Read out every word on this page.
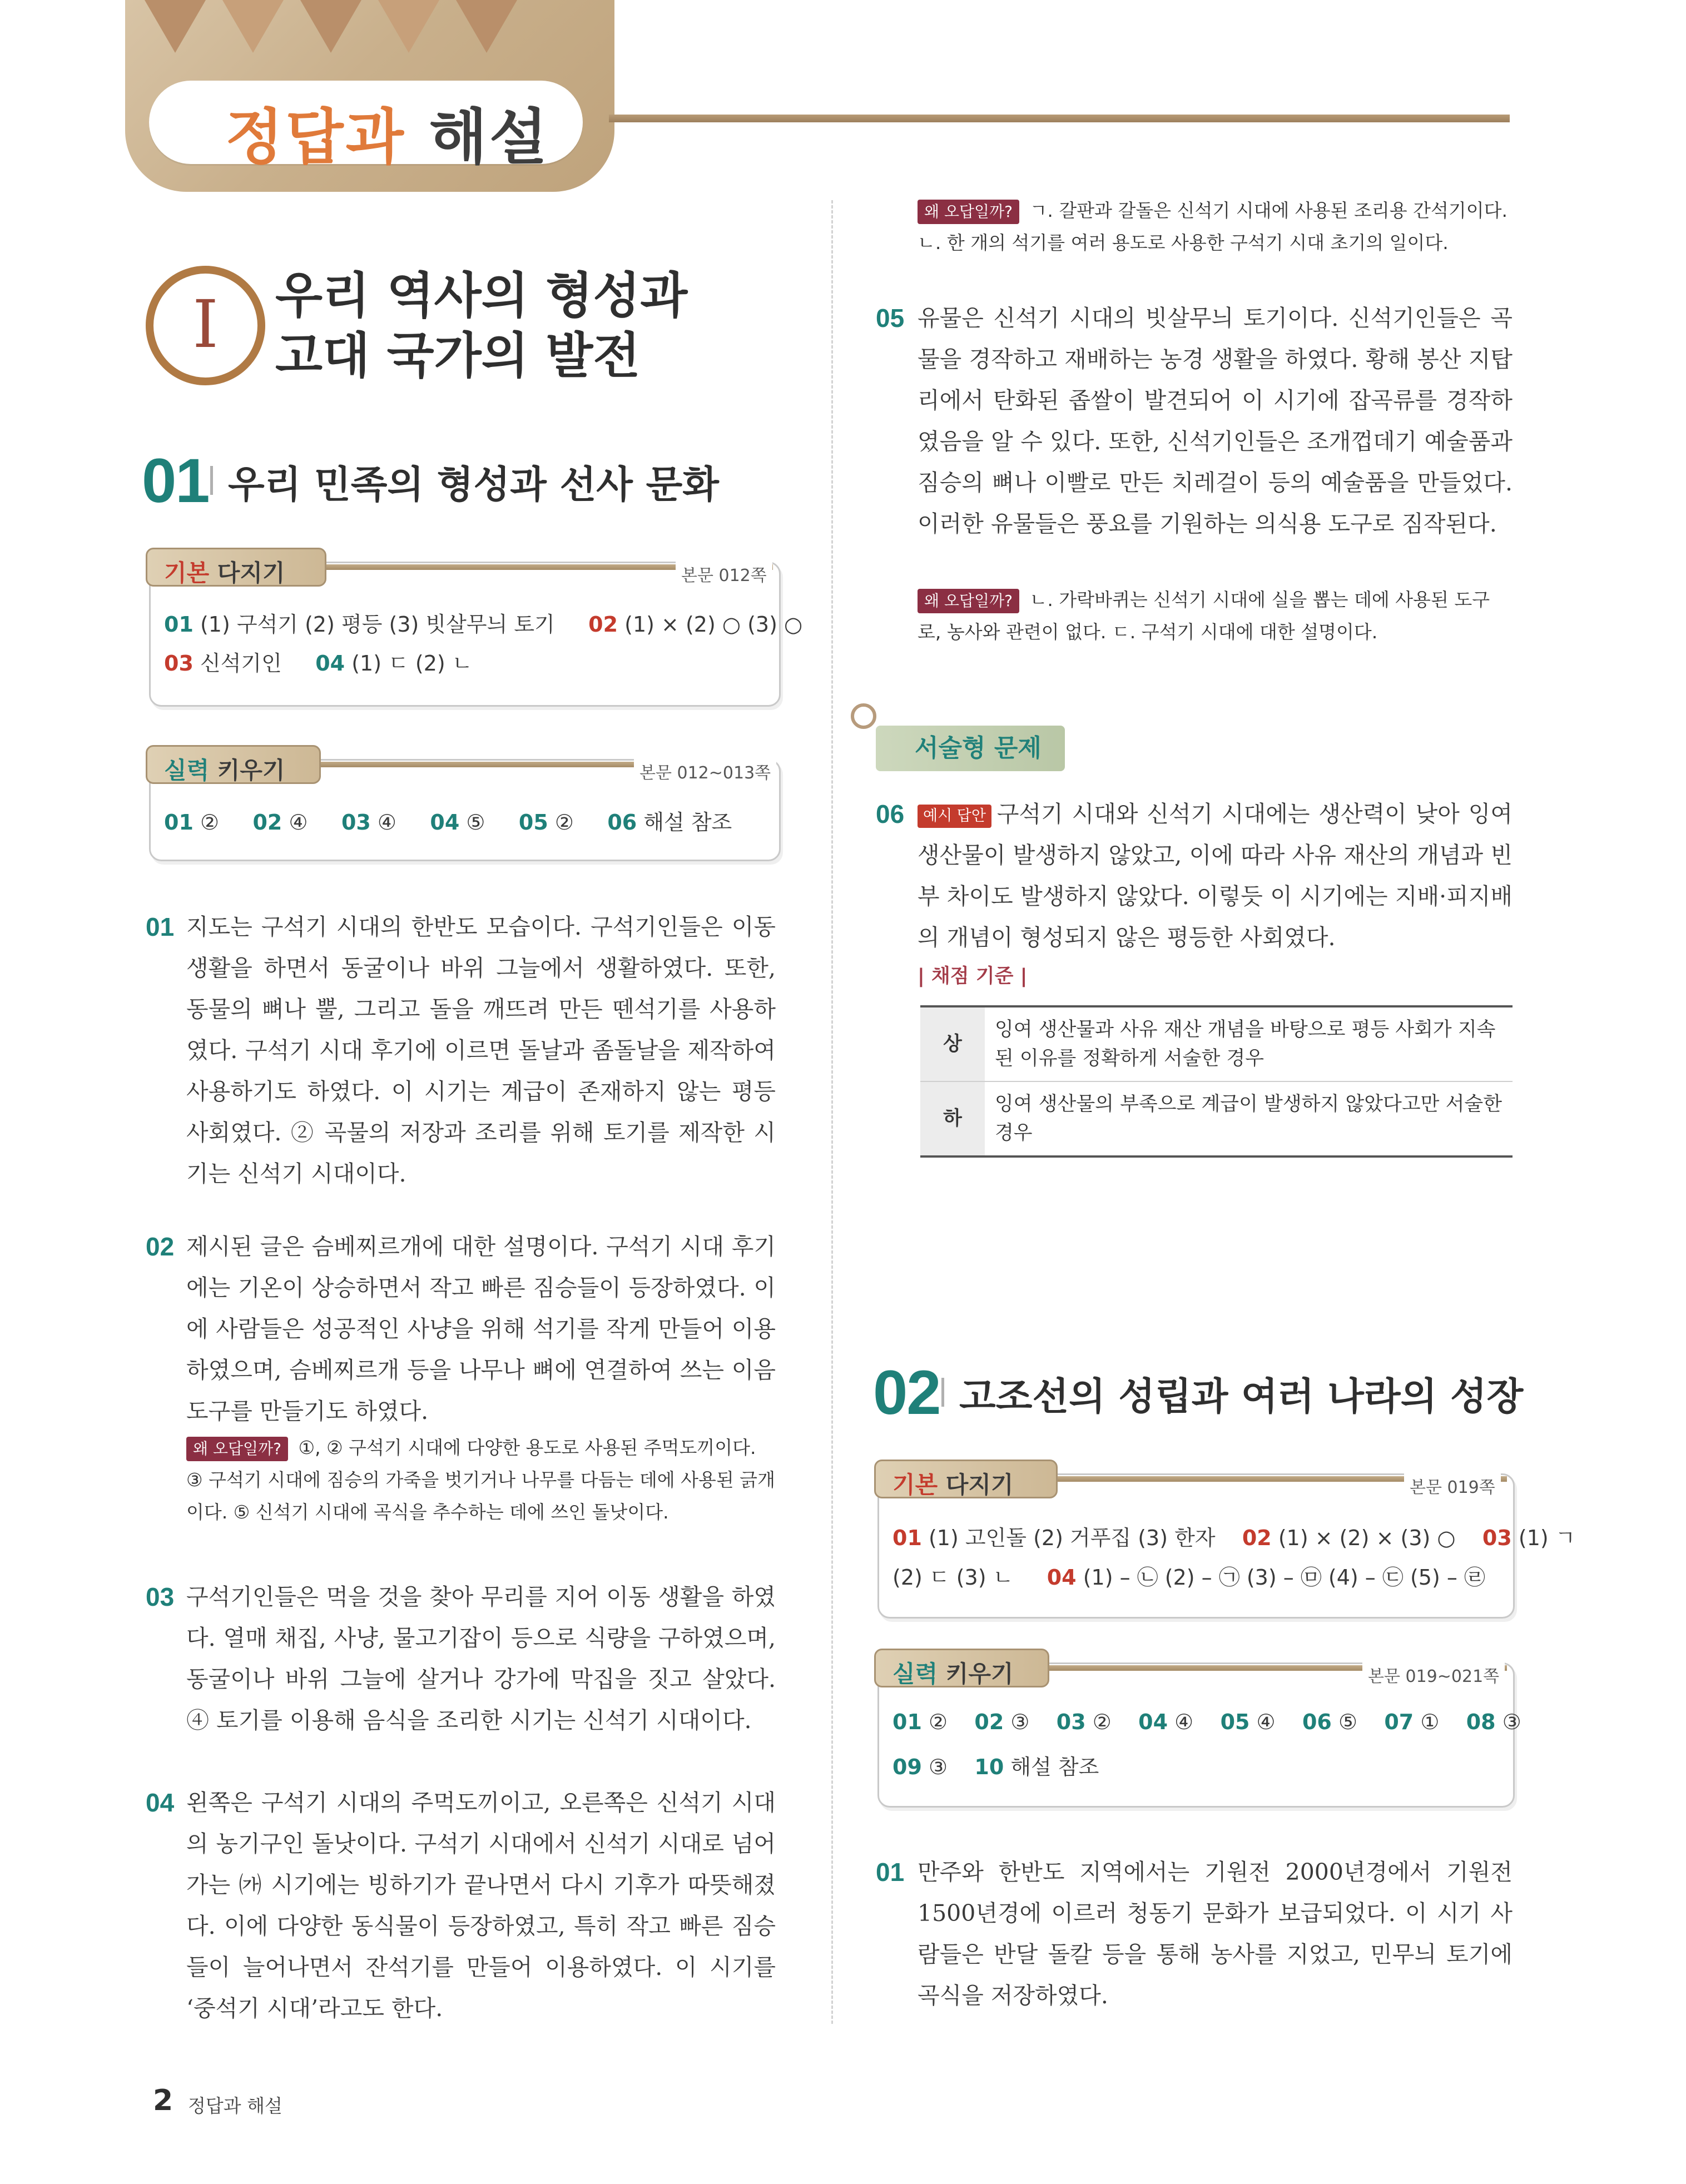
정답과 해설
I	우리 역사의 형성과
고대 국가의 발전
01 우리 민족의 형성과 선사 문화
기본 다지기	본문 012쪽
01 (1) 구석기 (2) 평등 (3) 빗살무늬 토기 02 (1) × (2) ○ (3) ○
03 신석기인 04 (1) ㄷ (2) ㄴ
실력 키우기	본문 012~013쪽
01 ② 02 ④ 03 ④ 04 ⑤ 05 ② 06 해설 참조
01 지도는 구석기 시대의 한반도 모습이다. 구석기인들은 이동 생활을 하면서 동굴이나 바위 그늘에서 생활하였다. 또한, 동물의 뼈나 뿔, 그리고 돌을 깨뜨려 만든 뗀석기를 사용하였다. 구석기 시대 후기에 이르면 돌날과 좀돌날을 제작하여 사용하기도 하였다. 이 시기는 계급이 존재하지 않는 평등 사회였다. ② 곡물의 저장과 조리를 위해 토기를 제작한 시기는 신석기 시대이다.
02 제시된 글은 슴베찌르개에 대한 설명이다. 구석기 시대 후기에는 기온이 상승하면서 작고 빠른 짐승들이 등장하였다. 이에 사람들은 성공적인 사냥을 위해 석기를 작게 만들어 이용하였으며, 슴베찌르개 등을 나무나 뼈에 연결하여 쓰는 이음 도구를 만들기도 하였다.
왜 오답일까? ①, ② 구석기 시대에 다양한 용도로 사용된 주먹도끼이다. ③ 구석기 시대에 짐승의 가죽을 벗기거나 나무를 다듬는 데에 사용된 긁개이다. ⑤ 신석기 시대에 곡식을 추수하는 데에 쓰인 돌낫이다.
03 구석기인들은 먹을 것을 찾아 무리를 지어 이동 생활을 하였다. 열매 채집, 사냥, 물고기잡이 등으로 식량을 구하였으며, 동굴이나 바위 그늘에 살거나 강가에 막집을 짓고 살았다. ④ 토기를 이용해 음식을 조리한 시기는 신석기 시대이다.
04 왼쪽은 구석기 시대의 주먹도끼이고, 오른쪽은 신석기 시대의 농기구인 돌낫이다. 구석기 시대에서 신석기 시대로 넘어가는 ㈎ 시기에는 빙하기가 끝나면서 다시 기후가 따뜻해졌다. 이에 다양한 동식물이 등장하였고, 특히 작고 빠른 짐승들이 늘어나면서 잔석기를 만들어 이용하였다. 이 시기를 ‘중석기 시대’라고도 한다.
왜 오답일까? ㄱ. 갈판과 갈돌은 신석기 시대에 사용된 조리용 간석기이다. ㄴ. 한 개의 석기를 여러 용도로 사용한 구석기 시대 초기의 일이다.
05 유물은 신석기 시대의 빗살무늬 토기이다. 신석기인들은 곡물을 경작하고 재배하는 농경 생활을 하였다. 황해 봉산 지탑리에서 탄화된 좁쌀이 발견되어 이 시기에 잡곡류를 경작하였음을 알 수 있다. 또한, 신석기인들은 조개껍데기 예술품과 짐승의 뼈나 이빨로 만든 치레걸이 등의 예술품을 만들었다. 이러한 유물들은 풍요를 기원하는 의식용 도구로 짐작된다.
왜 오답일까? ㄴ. 가락바퀴는 신석기 시대에 실을 뽑는 데에 사용된 도구로, 농사와 관련이 없다. ㄷ. 구석기 시대에 대한 설명이다.
서술형 문제
06	예시 답안 구석기 시대와 신석기 시대에는 생산력이 낮아 잉여 생산물이 발생하지 않았고, 이에 따라 사유 재산의 개념과 빈부 차이도 발생하지 않았다. 이렇듯 이 시기에는 지배·피지배의 개념이 형성되지 않은 평등한 사회였다.
| 채점 기준 |
상	잉여 생산물과 사유 재산 개념을 바탕으로 평등 사회가 지속된 이유를 정확하게 서술한 경우
하	잉여 생산물의 부족으로 계급이 발생하지 않았다고만 서술한 경우
02 고조선의 성립과 여러 나라의 성장
기본 다지기	본문 019쪽
01 (1) 고인돌 (2) 거푸집 (3) 한자 02 (1) × (2) × (3) ○ 03 (1) ㄱ
(2) ㄷ (3) ㄴ 04 (1) – ㉡ (2) – ㉠ (3) – ㉤ (4) – ㉢ (5) – ㉣
실력 키우기	본문 019~021쪽
01 ② 02 ③ 03 ② 04 ④ 05 ④ 06 ⑤ 07 ① 08 ③
09 ③ 10 해설 참조
01 만주와 한반도 지역에서는 기원전 2000년경에서 기원전 1500년경에 이르러 청동기 문화가 보급되었다. 이 시기 사람들은 반달 돌칼 등을 통해 농사를 지었고, 민무늬 토기에 곡식을 저장하였다.
2 정답과 해설
